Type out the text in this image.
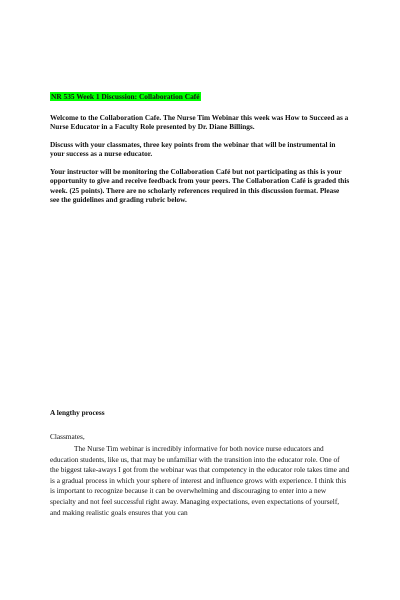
NR 535 Week 1 Discussion: Collaboration Café

Welcome to the Collaboration Cafe. The Nurse Tim Webinar this week was How to Succeed as a Nurse Educator in a Faculty Role presented by Dr. Diane Billings.

Discuss with your classmates, three key points from the webinar that will be instrumental in your success as a nurse educator.

Your instructor will be monitoring the Collaboration Café but not participating as this is your opportunity to give and receive feedback from your peers. The Collaboration Café is graded this week. (25 points). There are no scholarly references required in this discussion format. Please see the guidelines and grading rubric below.

A lengthy process
Classmates,

The Nurse Tim webinar is incredibly informative for both novice nurse educators and education students, like us, that may be unfamiliar with the transition into the educator role. One of the biggest take-aways I got from the webinar was that competency in the educator role takes time and is a gradual process in which your sphere of interest and influence grows with experience. I think this is important to recognize because it can be overwhelming and discouraging to enter into a new specialty and not feel successful right away. Managing expectations, even expectations of yourself, and making realistic goals ensures that you can
